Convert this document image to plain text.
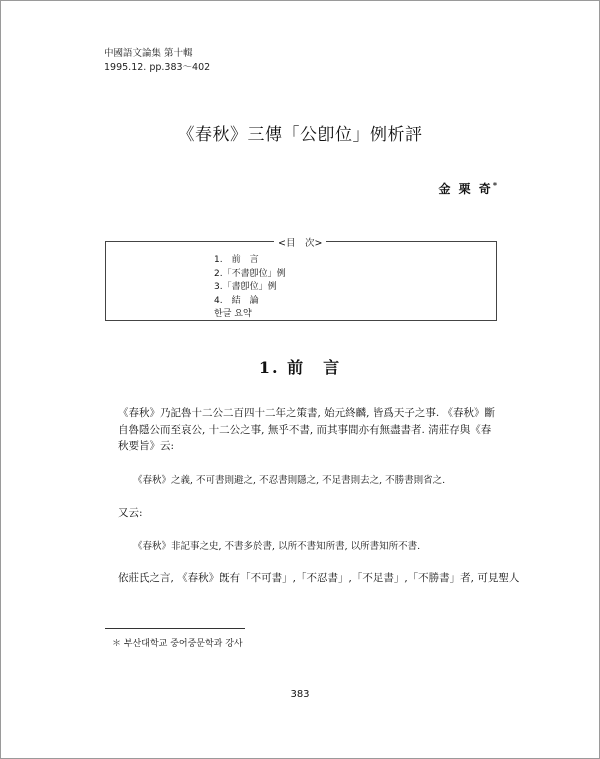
中國語文論集 第十輯
1995.12. pp.383～402
《春秋》三傳「公卽位」例析評
金 栗 奇*
<目　次>
1.　前　言
2.「不書卽位」例
3.「書卽位」例
4.　結　論
한글 요약
1. 前　言
《春秋》乃記魯十二公二百四十二年之策書, 始元終麟, 皆爲天子之事. 《春秋》斷自魯隱公而至哀公, 十二公之事, 無乎不書, 而其事間亦有無盡書者. 淸莊存與《春秋要旨》云:
《春秋》之義, 不可書則避之, 不忍書則隱之, 不足書則去之, 不勝書則省之.
又云:
《春秋》非記事之史, 不書多於書, 以所不書知所書, 以所書知所不書.
依莊氏之言, 《春秋》旣有「不可書」,「不忍書」,「不足書」,「不勝書」者, 可見聖人
＊ 부산대학교 중어중문학과 강사
383
